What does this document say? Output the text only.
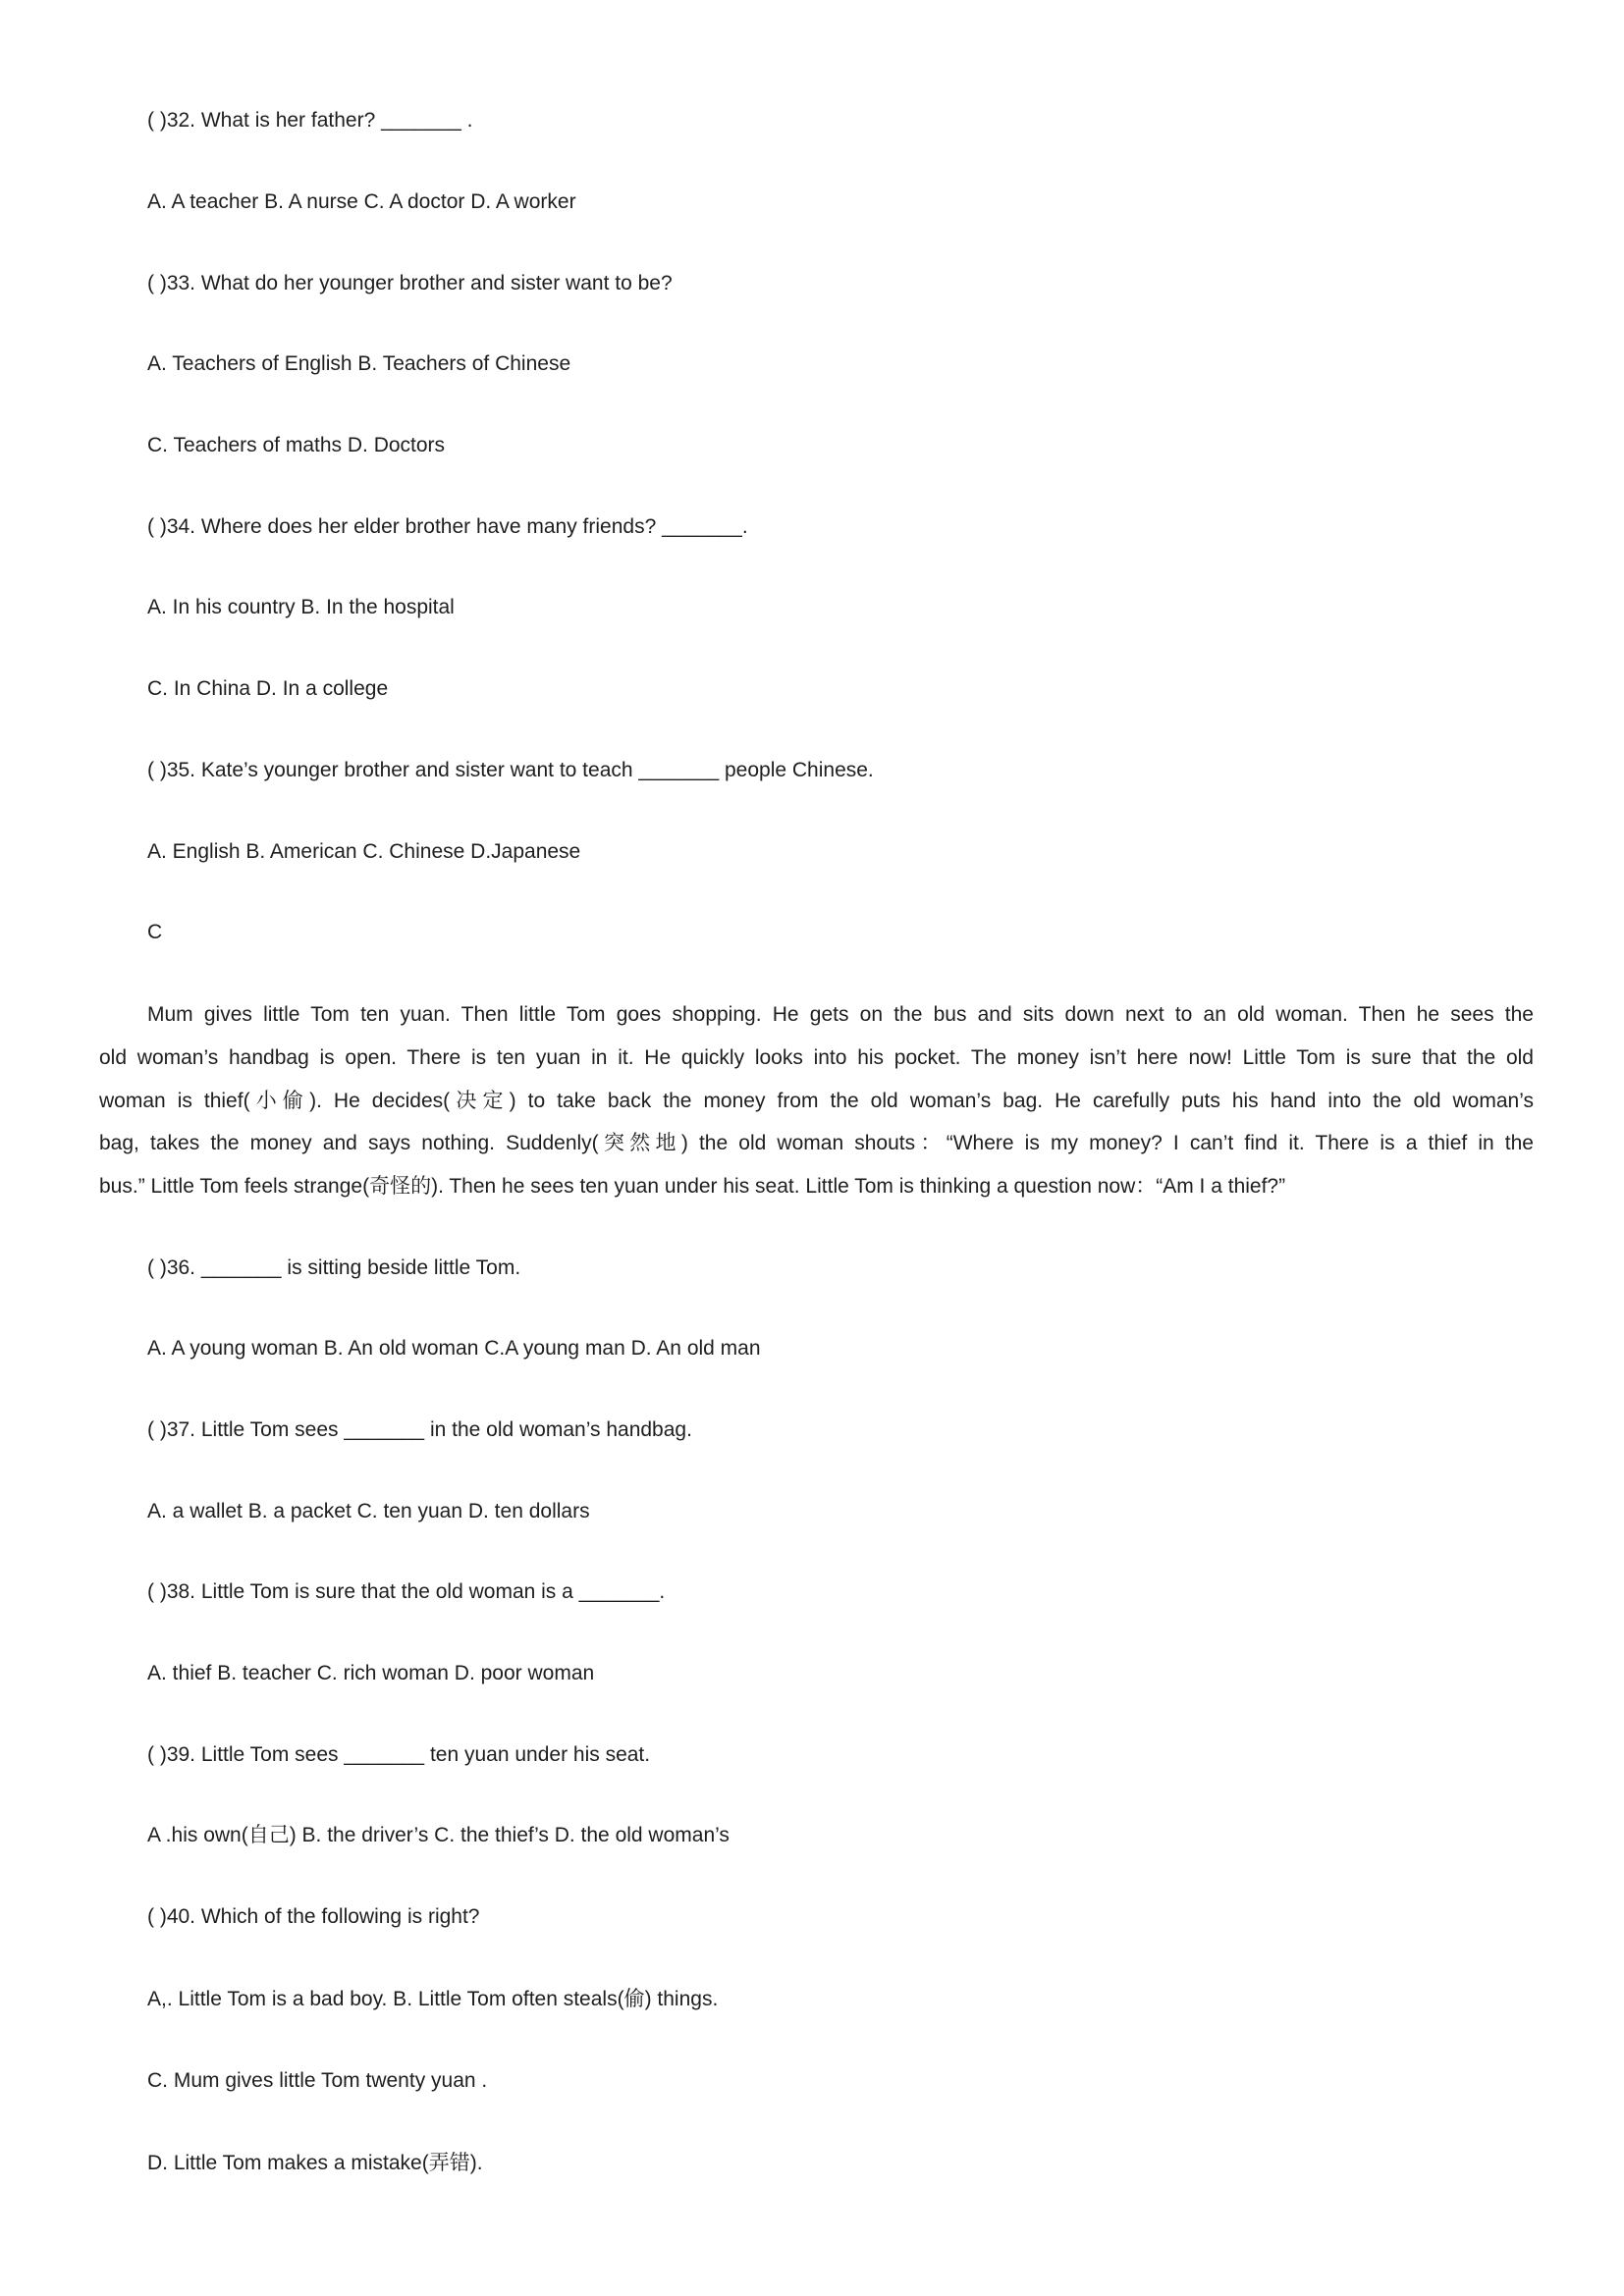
( )32. What is her father? _______ .
A. A teacher B. A nurse C. A doctor D. A worker
( )33. What do her younger brother and sister want to be?
A. Teachers of English B. Teachers of Chinese
C. Teachers of maths D. Doctors
( )34. Where does her elder brother have many friends? _______.
A. In his country B. In the hospital
C. In China D. In a college
( )35. Kate’s younger brother and sister want to teach _______ people Chinese.
A. English B. American C. Chinese D.Japanese
C
Mum gives little Tom ten yuan. Then little Tom goes shopping. He gets on the bus and sits down next to an old woman. Then he sees the
old woman’s handbag is open. There is ten yuan in it. He quickly looks into his pocket. The money isn’t here now! Little Tom is sure that the old
woman is thief(小偷). He decides(决定) to take back the money from the old woman’s bag. He carefully puts his hand into the old woman’s
bag, takes the money and says nothing. Suddenly(突然地) the old woman shouts：“Where is my money? I can’t find it. There is a thief in the
bus.” Little Tom feels strange(奇怪的). Then he sees ten yuan under his seat. Little Tom is thinking a question now：“Am I a thief?”
( )36. _______ is sitting beside little Tom.
A. A young woman B. An old woman C.A young man D. An old man
( )37. Little Tom sees _______ in the old woman’s handbag.
A. a wallet B. a packet C. ten yuan D. ten dollars
( )38. Little Tom is sure that the old woman is a _______.
A. thief B. teacher C. rich woman D. poor woman
( )39. Little Tom sees _______ ten yuan under his seat.
A .his own(自己) B. the driver’s C. the thief’s D. the old woman’s
( )40. Which of the following is right?
A,. Little Tom is a bad boy. B. Little Tom often steals(偷) things.
C. Mum gives little Tom twenty yuan .
D. Little Tom makes a mistake(弄错).
